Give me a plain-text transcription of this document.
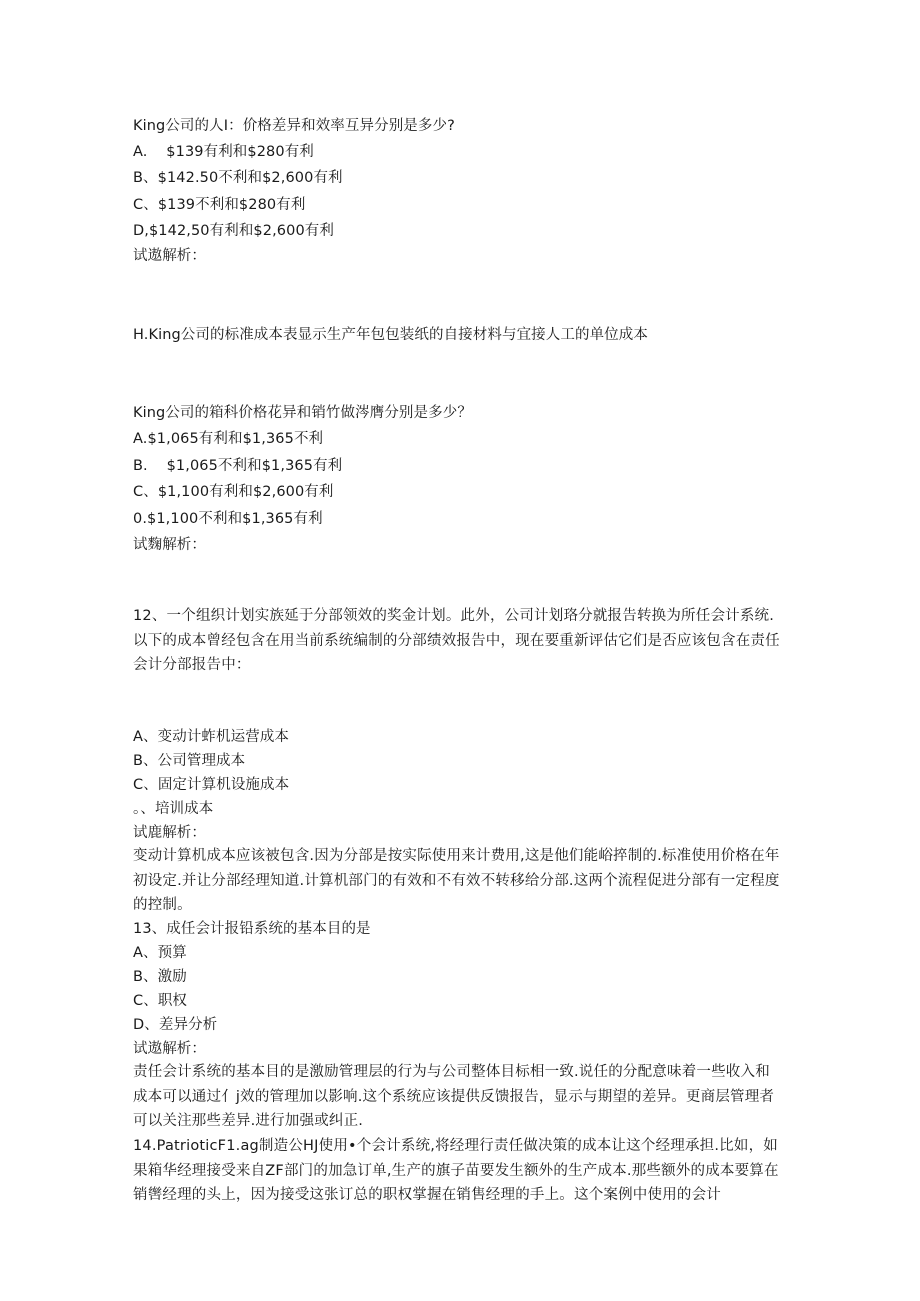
King公司的人I：价格差异和效率互异分别是多少?
A.    $139有利和$280有利
B、$142.50不利和$2,600有利
C、$139不利和$280有利
D,$142,50有利和$2,600有利
试遨解析：
H.King公司的标准成本表显示生产年包包装纸的自接材料与宜接人工的单位成本
King公司的箱科价格花异和销竹做涔膺分别是多少？
A.$1,065有利和$1,365不利
B.    $1,065不利和$1,365有利
C、$1,100有利和$2,600有利
0.$1,100不利和$1,365有利
试麴解析：
12、一个组织计划实族延于分部领效的奖金计划。此外，公司计划珞分就报告转换为所任会计系统.以下的成本曾经包含在用当前系统编制的分部绩效报告中，现在要重新评估它们是否应该包含在责任会计分部报告中：
A、变动计蚱机运营成本
B、公司管理成本
C、固定计算机设施成本
。、培训成本
试鹿解析：
变动计算机成本应该被包含.因为分部是按实际使用来计费用,这是他们能峪捽制的.标准使用价格在年初设定.并让分部经理知道.计算机部门的有效和不有效不转移给分部.这两个流程促进分部有一定程度的控制。
13、成任会计报铅系统的基本目的是
A、预算
B、激励
C、职权
D、差异分析
试遨解析：
责任会计系统的基本目的是激励管理层的行为与公司整体目标相一致.说任的分配意味着一些收入和成本可以通过亻j效的管理加以影响.这个系统应该提供反馈报告，显示与期望的差异。更商层管理者可以关注那些差异.进行加强或纠正.
14.PatrioticF1.ag制造公HJ使用•个会计系统,将经理行责任做决策的成本让这个经理承担.比如，如果箱华经理接受来自ZF部门的加急订单,生产的旗子苗要发生额外的生产成本.那些额外的成本要算在销辔经理的头上，因为接受这张订总的职权掌握在销售经理的手上。这个案例中使用的会计
